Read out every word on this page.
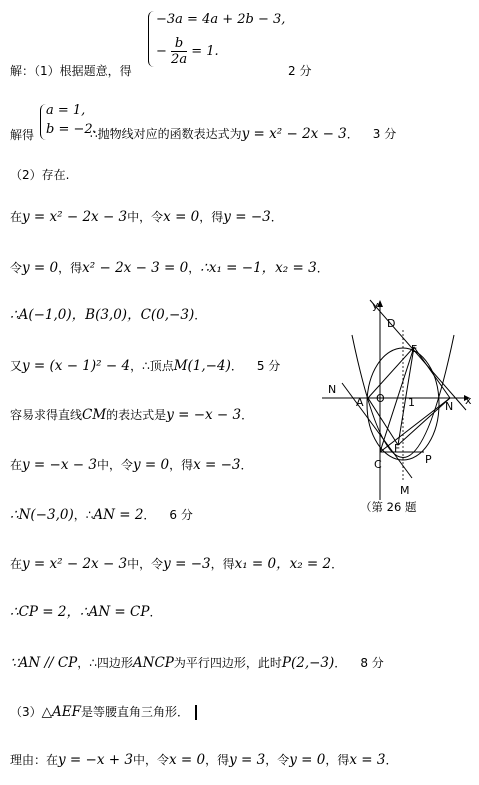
−3a = 4a + 2b − 3,
− $\frac{b}{2a} = 1$.
解：（1）根据题意，得	2 分
解得
a = 1,
b = −2.
∴抛物线对应的函数表达式为y = x² − 2x − 3． 3 分
（2）存在.
在y = x² − 2x − 3中，令x = 0，得y = −3．
令y = 0，得x² − 2x − 3 = 0，∴x₁ = −1，x₂ = 3．
∴A(−1,0)，B(3,0)，C(0,−3)．
又y = (x − 1)² − 4，∴顶点M(1,−4)． 5 分
容易求得直线CM的表达式是y = −x − 3．
在y = −x − 3中，令y = 0，得x = −3．
∴N(−3,0)，∴AN = 2． 6 分
在y = x² − 2x − 3中，令y = −3，得x₁ = 0，x₂ = 2．
∴CP = 2，∴AN = CP．
∵AN // CP，∴四边形ANCP为平行四边形，此时P(2,−3)． 8 分
（3）△AEF是等腰直角三角形．
理由：在y = −x + 3中，令x = 0，得y = 3，令y = 0，得x = 3．
y
x
D
E
N
A O 1	N
F
P
C
M
（第 26 题
